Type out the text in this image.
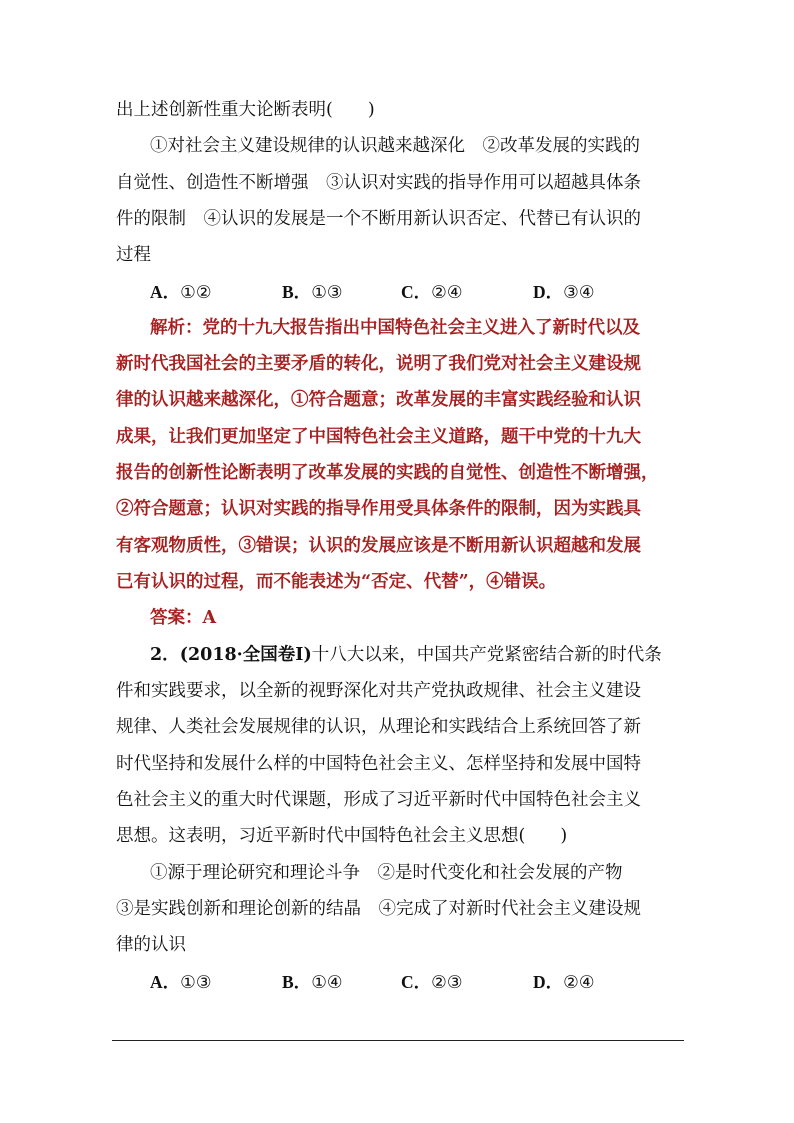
出上述创新性重大论断表明(　　)
①对社会主义建设规律的认识越来越深化　②改革发展的实践的
自觉性、创造性不断增强　③认识对实践的指导作用可以超越具体条
件的限制　④认识的发展是一个不断用新认识否定、代替已有认识的
过程
A．①②	B．①③	C．②④	D．③④
解析：党的十九大报告指出中国特色社会主义进入了新时代以及
新时代我国社会的主要矛盾的转化，说明了我们党对社会主义建设规
律的认识越来越深化，①符合题意；改革发展的丰富实践经验和认识
成果，让我们更加坚定了中国特色社会主义道路，题干中党的十九大
报告的创新性论断表明了改革发展的实践的自觉性、创造性不断增强，
②符合题意；认识对实践的指导作用受具体条件的限制，因为实践具
有客观物质性，③错误；认识的发展应该是不断用新认识超越和发展
已有认识的过程，而不能表述为“否定、代替”，④错误。
答案：A
2．(2018·全国卷Ⅰ)十八大以来，中国共产党紧密结合新的时代条
件和实践要求，以全新的视野深化对共产党执政规律、社会主义建设
规律、人类社会发展规律的认识，从理论和实践结合上系统回答了新
时代坚持和发展什么样的中国特色社会主义、怎样坚持和发展中国特
色社会主义的重大时代课题，形成了习近平新时代中国特色社会主义
思想。这表明，习近平新时代中国特色社会主义思想(　　)
①源于理论研究和理论斗争　②是时代变化和社会发展的产物
③是实践创新和理论创新的结晶　④完成了对新时代社会主义建设规
律的认识
A．①③	B．①④	C．②③	D．②④
